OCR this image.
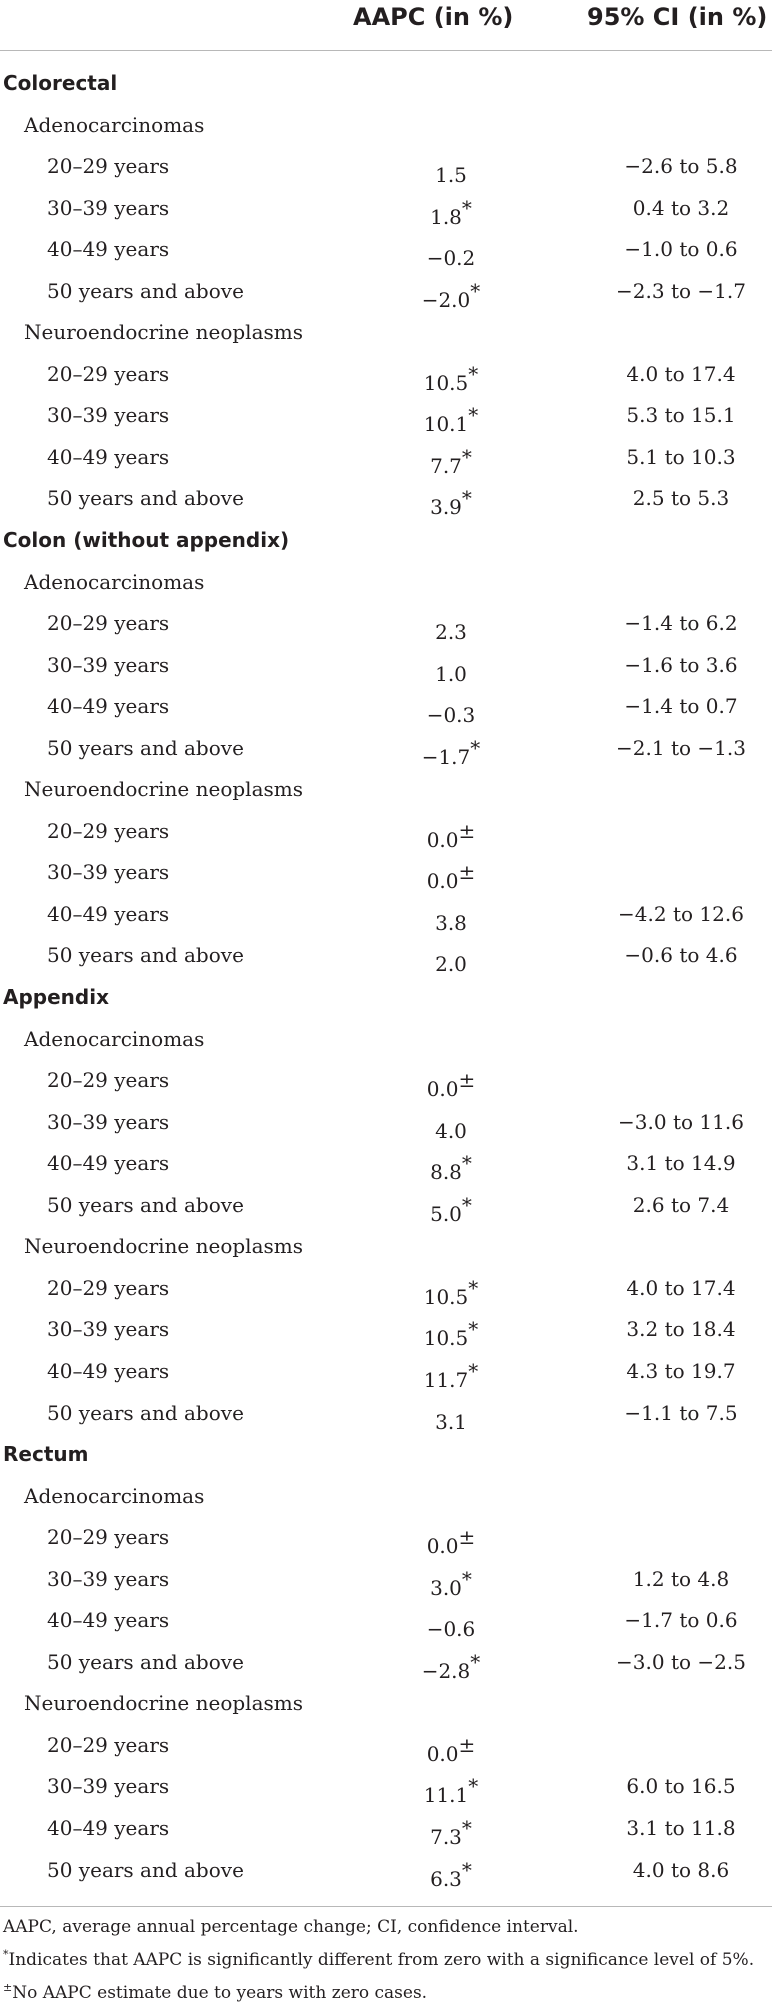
AAPC (in %)	95% CI (in %)
Colorectal
Adenocarcinomas
20–29 years	1.5	−2.6 to 5.8
30–39 years	1.8*	0.4 to 3.2
40–49 years	−0.2	−1.0 to 0.6
50 years and above	−2.0*	−2.3 to −1.7
Neuroendocrine neoplasms
20–29 years	10.5*	4.0 to 17.4
30–39 years	10.1*	5.3 to 15.1
40–49 years	7.7*	5.1 to 10.3
50 years and above	3.9*	2.5 to 5.3
Colon (without appendix)
Adenocarcinomas
20–29 years	2.3	−1.4 to 6.2
30–39 years	1.0	−1.6 to 3.6
40–49 years	−0.3	−1.4 to 0.7
50 years and above	−1.7*	−2.1 to −1.3
Neuroendocrine neoplasms
20–29 years	0.0±
30–39 years	0.0±
40–49 years	3.8	−4.2 to 12.6
50 years and above	2.0	−0.6 to 4.6
Appendix
Adenocarcinomas
20–29 years	0.0±
30–39 years	4.0	−3.0 to 11.6
40–49 years	8.8*	3.1 to 14.9
50 years and above	5.0*	2.6 to 7.4
Neuroendocrine neoplasms
20–29 years	10.5*	4.0 to 17.4
30–39 years	10.5*	3.2 to 18.4
40–49 years	11.7*	4.3 to 19.7
50 years and above	3.1	−1.1 to 7.5
Rectum
Adenocarcinomas
20–29 years	0.0±
30–39 years	3.0*	1.2 to 4.8
40–49 years	−0.6	−1.7 to 0.6
50 years and above	−2.8*	−3.0 to −2.5
Neuroendocrine neoplasms
20–29 years	0.0±
30–39 years	11.1*	6.0 to 16.5
40–49 years	7.3*	3.1 to 11.8
50 years and above	6.3*	4.0 to 8.6
AAPC, average annual percentage change; CI, confidence interval.
*Indicates that AAPC is significantly different from zero with a significance level of 5%.
±No AAPC estimate due to years with zero cases.
